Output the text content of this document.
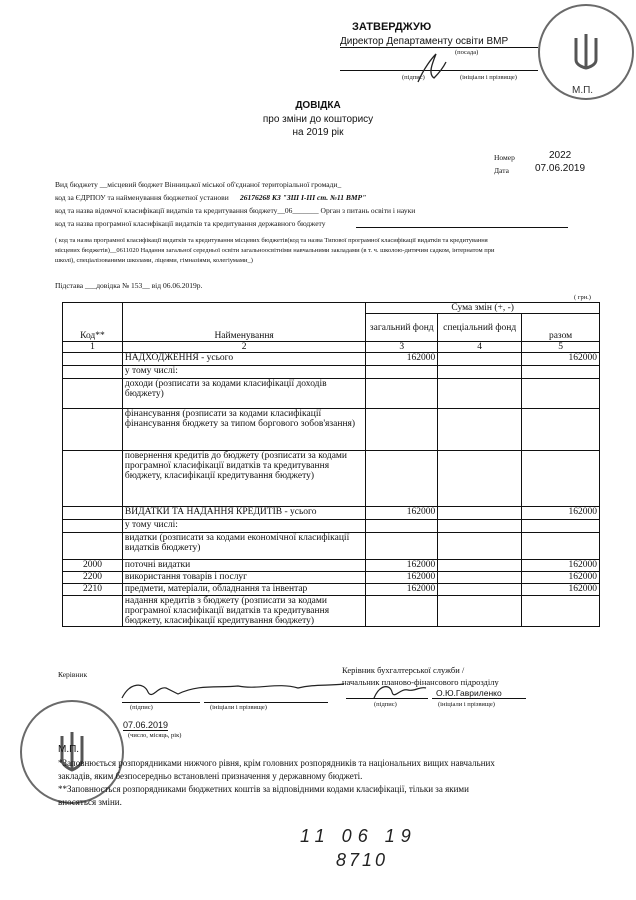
ЗАТВЕРДЖУЮ
Директор Департаменту освіти ВМР
(посада)
(підпис)	(ініціали і прізвище)
М.П.
ДОВІДКА
про зміни до кошторису
на 2019 рік
Номер	2022
Дата	07.06.2019
Вид бюджету __місцевий бюджет Вінницької міської об'єднаної територіальної громади_
код за ЄДРПОУ та найменування бюджетної установи 26176268 КЗ "ЗШ І-ІІІ ст. №11 ВМР"
код та назва відомчої класифікації видатків та кредитування бюджету__06_______ Орган з питань освіти і науки
код та назва програмної класифікації видатків та кредитування державного бюджету
( код та назва програмної класифікації видатків та кредитування місцевих бюджетів(код та назва Типової програмної класифікації видатків та кредитування
місцевих бюджетів)__0611020 Надання загальної середньої освіти загальноосвітніми навчальними закладами (в т. ч. школою-дитячим садком, інтернатом при
школі), спеціалізованими школами, ліцеями, гімназіями, колегіумами_)
Підстава ___довідка № 153__ від 06.06.2019р.
( грн.)
Код**	Найменування	Сума змін (+, -)		
		загальний фонд	спеціальний фонд	разом
1	2	3	4	5
	НАДХОДЖЕННЯ - усього	162000		162000
	у тому числі:			
	доходи (розписати за кодами класифікації доходів бюджету)			
	фінансування (розписати за кодами класифікації фінансування бюджету за типом боргового зобов'язання)			
	повернення кредитів до бюджету (розписати за кодами програмної класифікації видатків та кредитування бюджету, класифікації кредитування бюджету)			
	ВИДАТКИ ТА НАДАННЯ КРЕДИТІВ - усього	162000		162000
	у тому числі:			
	видатки (розписати за кодами економічної класифікації видатків бюджету)			
2000	поточні видатки	162000		162000
2200	використання товарів і послуг	162000		162000
2210	предмети, матеріали, обладнання та інвентар	162000		162000
	надання кредитів з бюджету (розписати за кодами програмної класифікації видатків та кредитування бюджету, класифікації кредитування бюджету)			
Керівник
(підпис)	(ініціали і прізвище)
Керівник бухгалтерської служби /
начальник планово-фінансового підрозділу
О.Ю.Гавриленко
(підпис)	(ініціали і прізвище)
07.06.2019
(число, місяць, рік)
М.П.
*Заповнюється розпорядниками нижчого рівня, крім головних розпорядників та національних вищих навчальних
закладів, яким безпосередньо встановлені призначення у державному бюджеті.
**Заповнюється розпорядниками бюджетних коштів за відповідними кодами класифікації, тільки за якими
вносяться зміни.
11 06 19
8710
